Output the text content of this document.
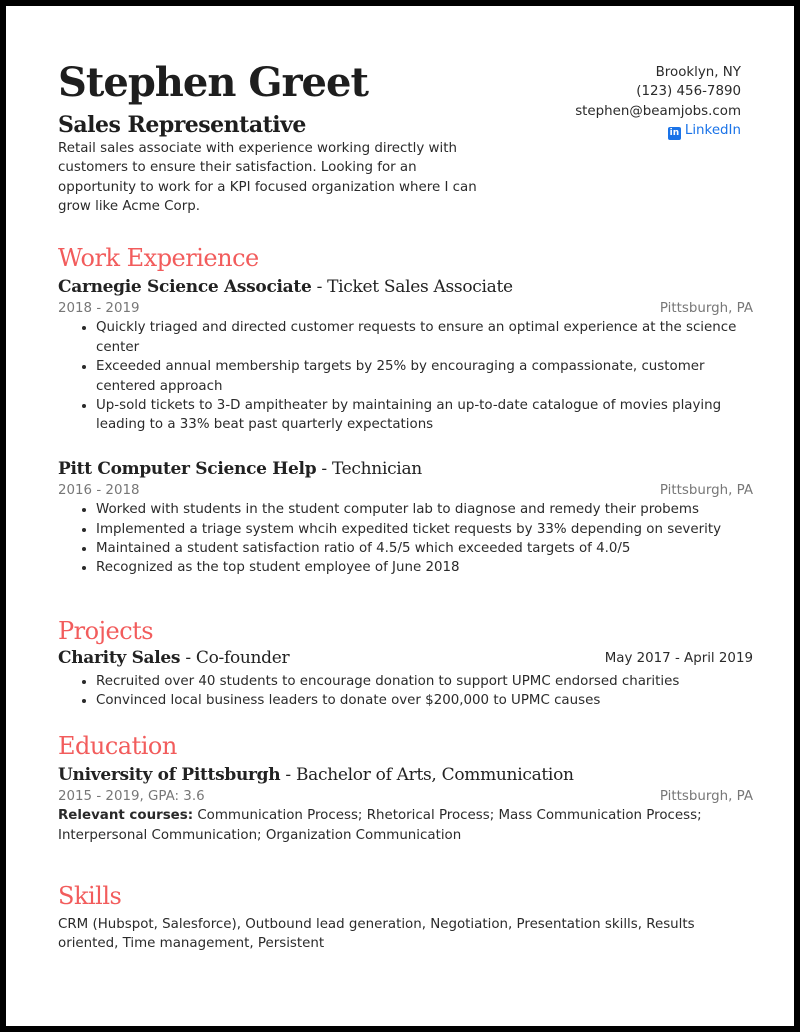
Stephen Greet
Sales Representative
Retail sales associate with experience working directly with customers to ensure their satisfaction. Looking for an opportunity to work for a KPI focused organization where I can grow like Acme Corp.
Brooklyn, NY
(123) 456-7890
stephen@beamjobs.com
in LinkedIn
Work Experience
Carnegie Science Associate - Ticket Sales Associate
2018 - 2019	Pittsburgh, PA
• Quickly triaged and directed customer requests to ensure an optimal experience at the science center
• Exceeded annual membership targets by 25% by encouraging a compassionate, customer centered approach
• Up-sold tickets to 3-D ampitheater by maintaining an up-to-date catalogue of movies playing leading to a 33% beat past quarterly expectations
Pitt Computer Science Help - Technician
2016 - 2018	Pittsburgh, PA
• Worked with students in the student computer lab to diagnose and remedy their probems
• Implemented a triage system whcih expedited ticket requests by 33% depending on severity
• Maintained a student satisfaction ratio of 4.5/5 which exceeded targets of 4.0/5
• Recognized as the top student employee of June 2018
Projects
Charity Sales - Co-founder	May 2017 - April 2019
• Recruited over 40 students to encourage donation to support UPMC endorsed charities
• Convinced local business leaders to donate over $200,000 to UPMC causes
Education
University of Pittsburgh - Bachelor of Arts, Communication
2015 - 2019, GPA: 3.6	Pittsburgh, PA
Relevant courses: Communication Process; Rhetorical Process; Mass Communication Process; Interpersonal Communication; Organization Communication
Skills
CRM (Hubspot, Salesforce), Outbound lead generation, Negotiation, Presentation skills, Results oriented, Time management, Persistent
